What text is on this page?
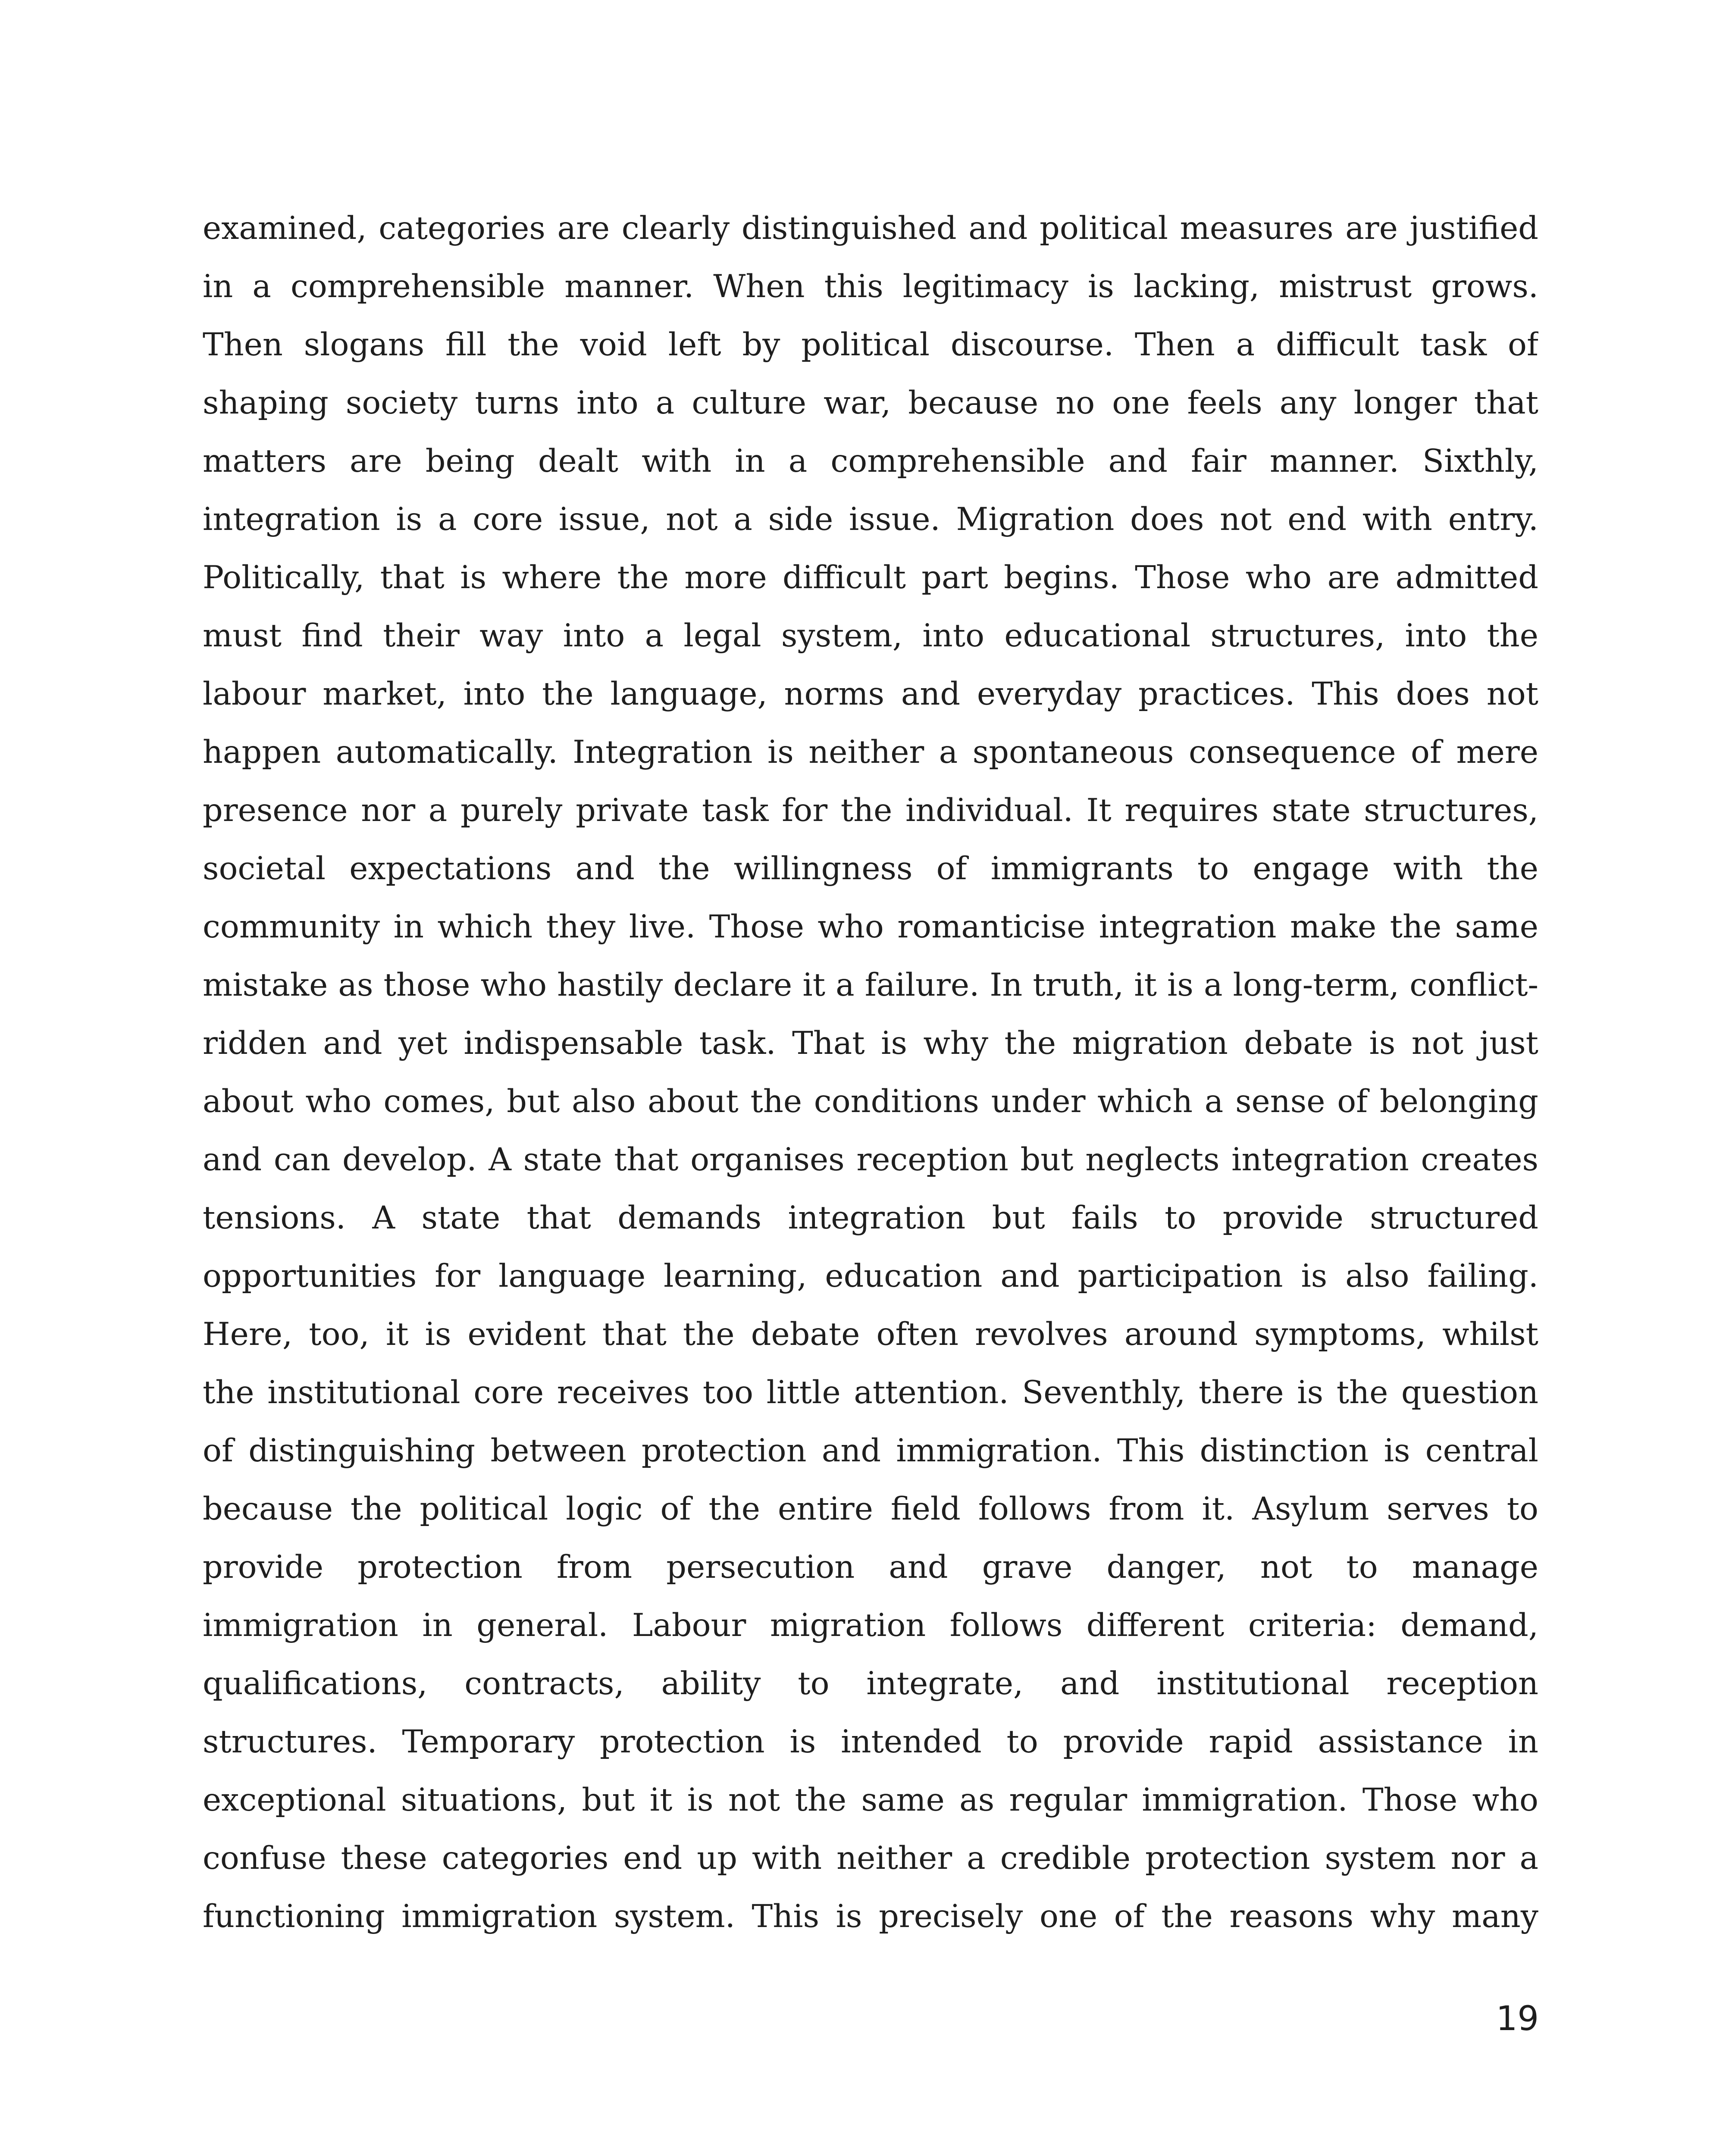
examined, categories are clearly distinguished and political measures are justified
in a comprehensible manner. When this legitimacy is lacking, mistrust grows.
Then slogans fill the void left by political discourse. Then a difficult task of
shaping society turns into a culture war, because no one feels any longer that
matters are being dealt with in a comprehensible and fair manner. Sixthly,
integration is a core issue, not a side issue. Migration does not end with entry.
Politically, that is where the more difficult part begins. Those who are admitted
must find their way into a legal system, into educational structures, into the
labour market, into the language, norms and everyday practices. This does not
happen automatically. Integration is neither a spontaneous consequence of mere
presence nor a purely private task for the individual. It requires state structures,
societal expectations and the willingness of immigrants to engage with the
community in which they live. Those who romanticise integration make the same
mistake as those who hastily declare it a failure. In truth, it is a long-term, conflict-
ridden and yet indispensable task. That is why the migration debate is not just
about who comes, but also about the conditions under which a sense of belonging
and can develop. A state that organises reception but neglects integration creates
tensions. A state that demands integration but fails to provide structured
opportunities for language learning, education and participation is also failing.
Here, too, it is evident that the debate often revolves around symptoms, whilst
the institutional core receives too little attention. Seventhly, there is the question
of distinguishing between protection and immigration. This distinction is central
because the political logic of the entire field follows from it. Asylum serves to
provide protection from persecution and grave danger, not to manage
immigration in general. Labour migration follows different criteria: demand,
qualifications, contracts, ability to integrate, and institutional reception
structures. Temporary protection is intended to provide rapid assistance in
exceptional situations, but it is not the same as regular immigration. Those who
confuse these categories end up with neither a credible protection system nor a
functioning immigration system. This is precisely one of the reasons why many
19
